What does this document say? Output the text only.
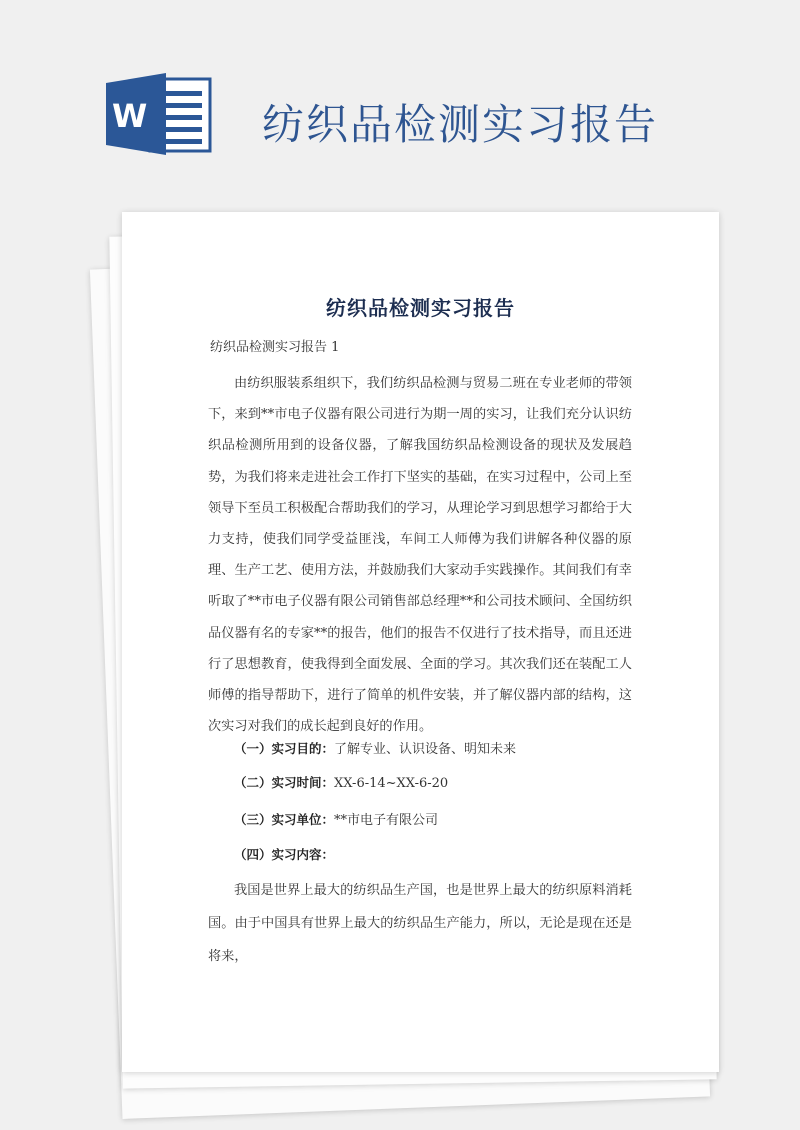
W	纺织品检测实习报告
纺织品检测实习报告
纺织品检测实习报告 1
由纺织服装系组织下，我们纺织品检测与贸易二班在专业老师的带领下，来到**市电子仪器有限公司进行为期一周的实习，让我们充分认识纺织品检测所用到的设备仪器，了解我国纺织品检测设备的现状及发展趋势，为我们将来走进社会工作打下坚实的基础，在实习过程中，公司上至领导下至员工积极配合帮助我们的学习，从理论学习到思想学习都给于大力支持，使我们同学受益匪浅，车间工人师傅为我们讲解各种仪器的原理、生产工艺、使用方法，并鼓励我们大家动手实践操作。其间我们有幸听取了**市电子仪器有限公司销售部总经理**和公司技术顾问、全国纺织品仪器有名的专家**的报告，他们的报告不仅进行了技术指导，而且还进行了思想教育，使我得到全面发展、全面的学习。其次我们还在装配工人师傅的指导帮助下，进行了简单的机件安装，并了解仪器内部的结构，这次实习对我们的成长起到良好的作用。
（一）实习目的：了解专业、认识设备、明知未来
（二）实习时间：XX-6-14~XX-6-20
（三）实习单位：**市电子有限公司
（四）实习内容：
我国是世界上最大的纺织品生产国，也是世界上最大的纺织原料消耗国。由于中国具有世界上最大的纺织品生产能力，所以，无论是现在还是将来，
